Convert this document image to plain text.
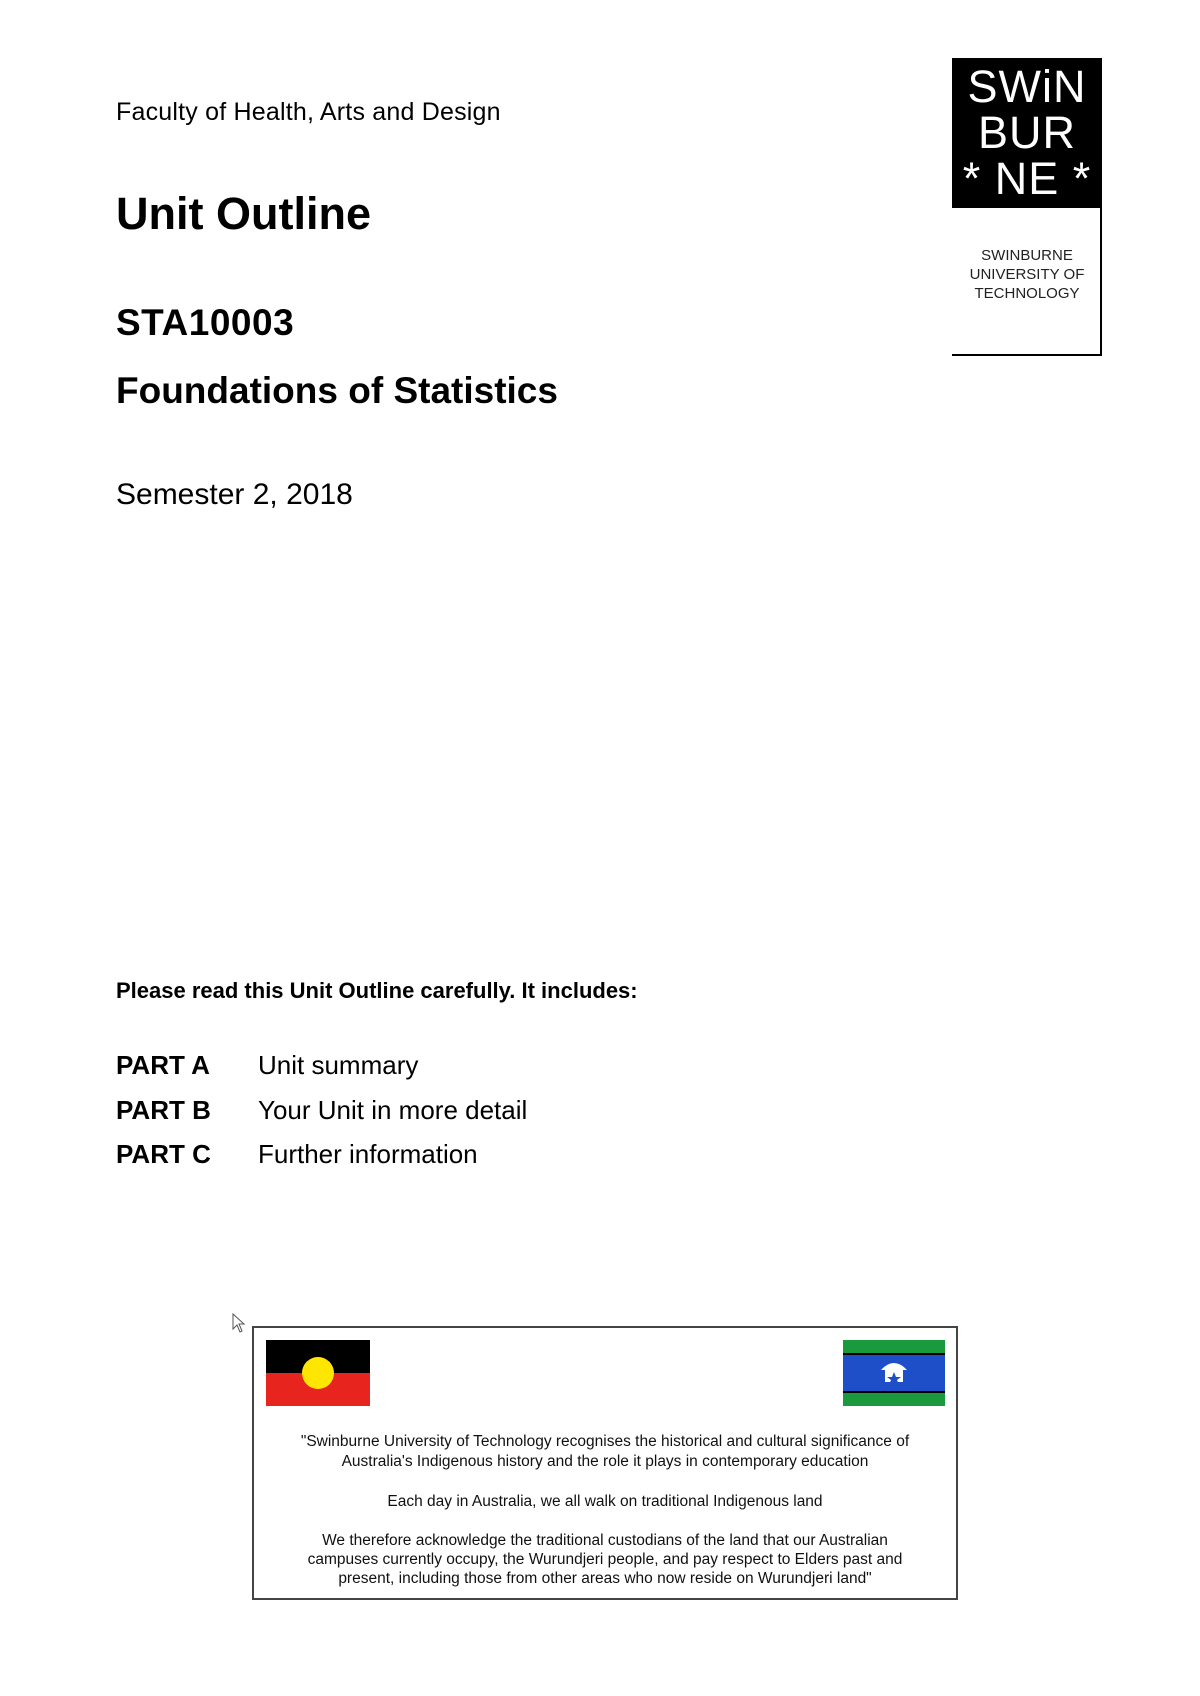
Faculty of Health, Arts and Design
Unit Outline
STA10003
Foundations of Statistics
Semester 2, 2018
SWiN
BUR
* NE *
SWINBURNE
UNIVERSITY OF
TECHNOLOGY
Please read this Unit Outline carefully. It includes:
PART A Unit summary
PART B Your Unit in more detail
PART C Further information
"Swinburne University of Technology recognises the historical and cultural significance of
Australia's Indigenous history and the role it plays in contemporary education
Each day in Australia, we all walk on traditional Indigenous land
We therefore acknowledge the traditional custodians of the land that our Australian
campuses currently occupy, the Wurundjeri people, and pay respect to Elders past and
present, including those from other areas who now reside on Wurundjeri land"
